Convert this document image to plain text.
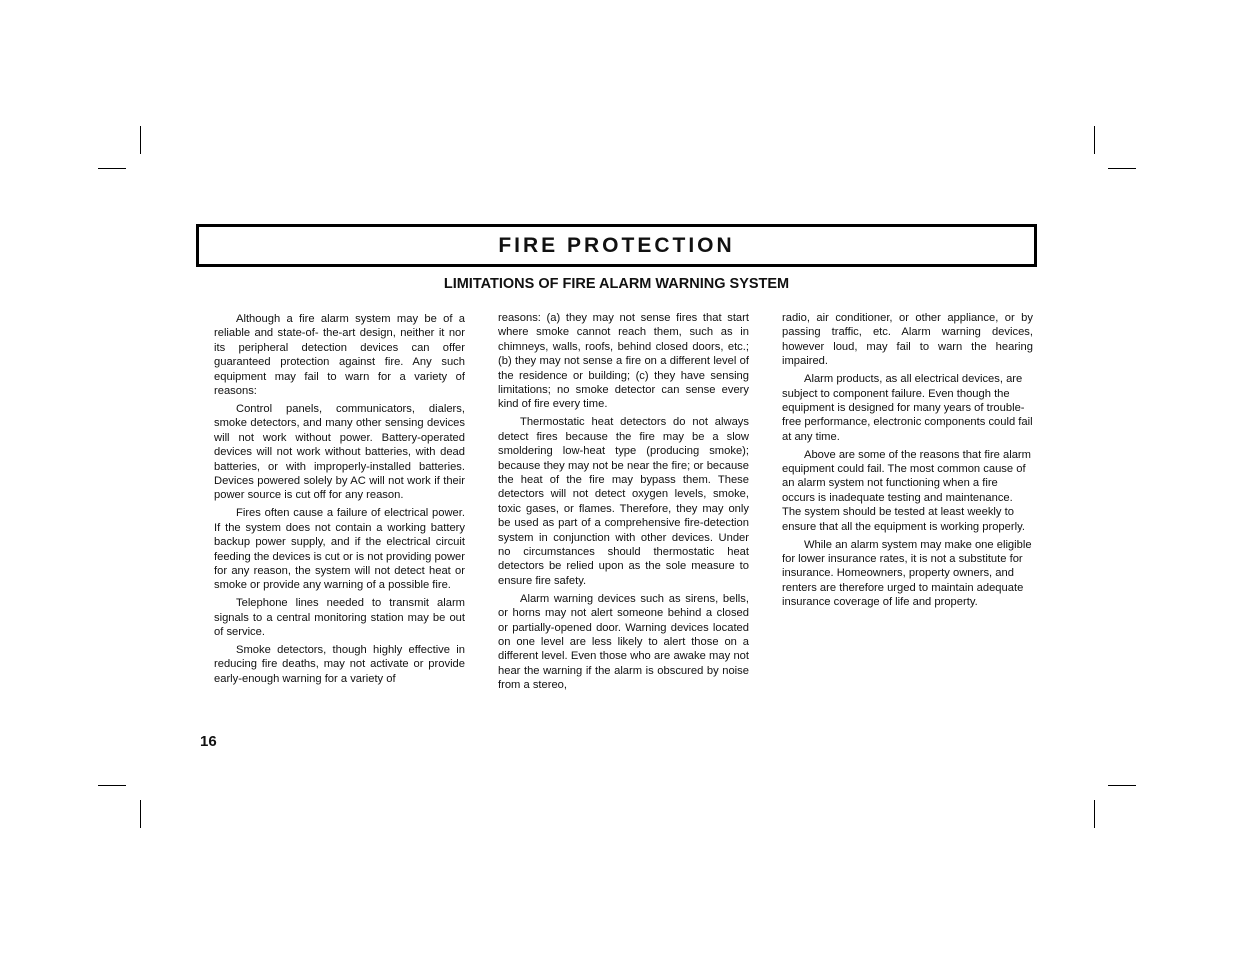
FIRE PROTECTION
LIMITATIONS OF FIRE ALARM WARNING SYSTEM

Although a fire alarm system may be of a reliable and state-of- the-art design, neither it nor its peripheral detection devices can offer guaranteed protection against fire. Any such equipment may fail to warn for a variety of reasons:

Control panels, communicators, dialers, smoke detectors, and many other sensing devices will not work without power. Battery-operated devices will not work without batteries, with dead batteries, or with improperly-installed batteries. Devices powered solely by AC will not work if their power source is cut off for any reason.

Fires often cause a failure of electrical power. If the system does not contain a working battery backup power supply, and if the electrical circuit feeding the devices is cut or is not providing power for any reason, the system will not detect heat or smoke or provide any warning of a possible fire.

Telephone lines needed to transmit alarm signals to a central monitoring station may be out of service.

Smoke detectors, though highly effective in reducing fire deaths, may not activate or provide early-enough warning for a variety of

reasons: (a) they may not sense fires that start where smoke cannot reach them, such as in chimneys, walls, roofs, behind closed doors, etc.; (b) they may not sense a fire on a different level of the residence or building; (c) they have sensing limitations; no smoke detector can sense every kind of fire every time.

Thermostatic heat detectors do not always detect fires because the fire may be a slow smoldering low-heat type (producing smoke); because they may not be near the fire; or because the heat of the fire may bypass them. These detectors will not detect oxygen levels, smoke, toxic gases, or flames. Therefore, they may only be used as part of a comprehensive fire-detection system in conjunction with other devices. Under no circumstances should thermostatic heat detectors be relied upon as the sole measure to ensure fire safety.

Alarm warning devices such as sirens, bells, or horns may not alert someone behind a closed or partially-opened door. Warning devices located on one level are less likely to alert those on a different level. Even those who are awake may not hear the warning if the alarm is obscured by noise from a stereo,

radio, air conditioner, or other appliance, or by passing traffic, etc. Alarm warning devices, however loud, may fail to warn the hearing impaired.

Alarm products, as all electrical devices, are subject to component failure. Even though the equipment is designed for many years of trouble-free performance, electronic components could fail at any time.

Above are some of the reasons that fire alarm equipment could fail. The most common cause of an alarm system not functioning when a fire occurs is inadequate testing and maintenance. The system should be tested at least weekly to ensure that all the equipment is working properly.

While an alarm system may make one eligible for lower insurance rates, it is not a substitute for insurance. Homeowners, property owners, and renters are therefore urged to maintain adequate insurance coverage of life and property.

16
